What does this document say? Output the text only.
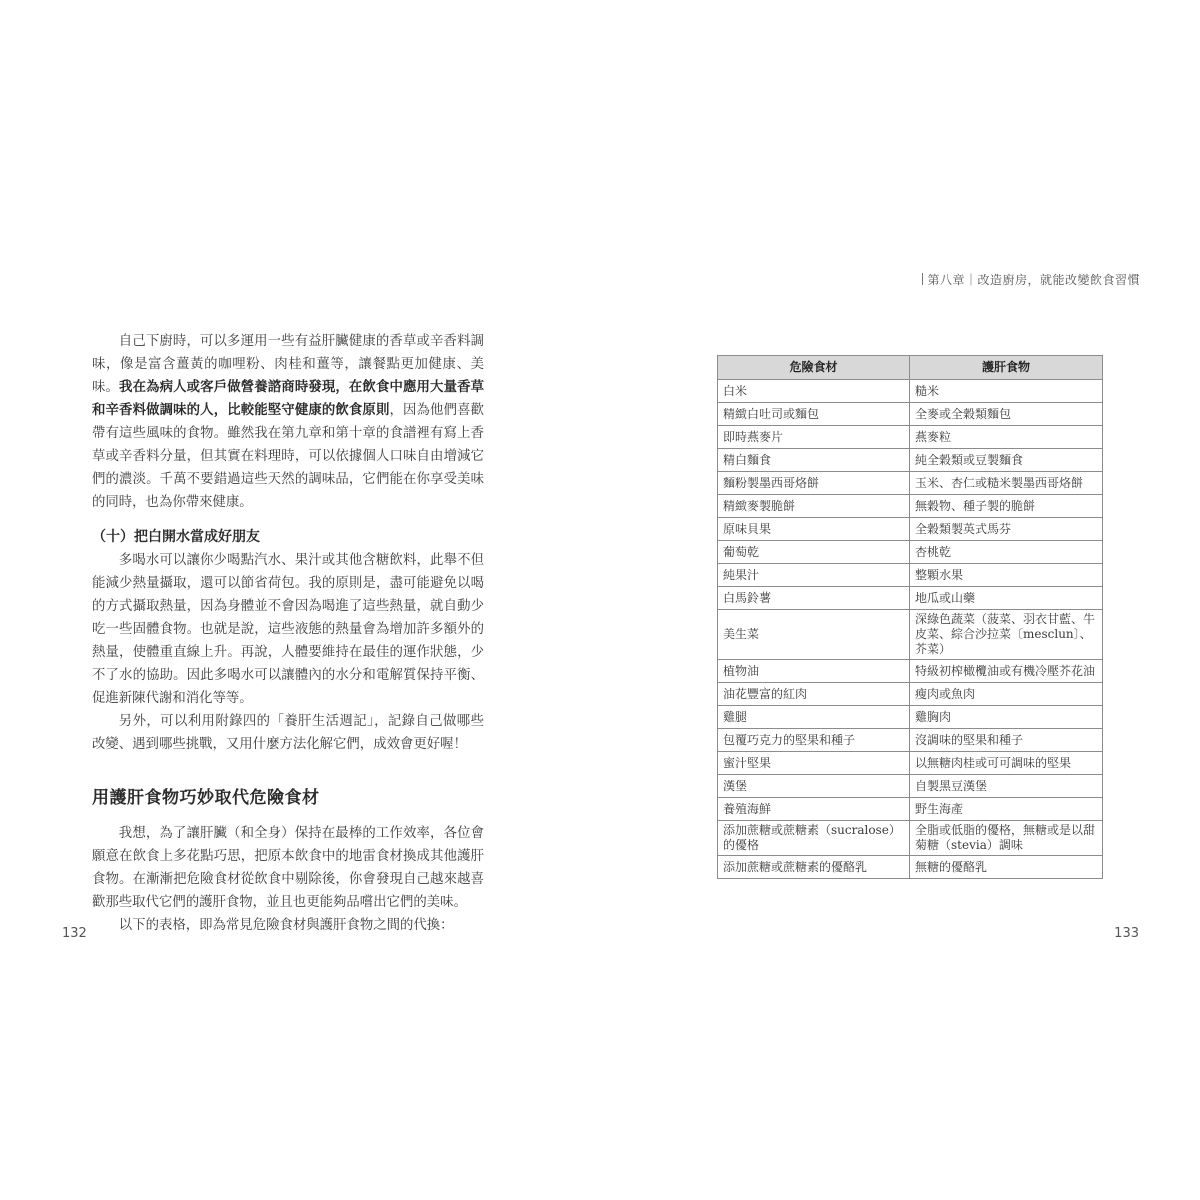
自己下廚時，可以多運用一些有益肝臟健康的香草或辛香料調味，像是富含薑黃的咖哩粉、肉桂和薑等，讓餐點更加健康、美味。我在為病人或客戶做營養諮商時發現，在飲食中應用大量香草和辛香料做調味的人，比較能堅守健康的飲食原則，因為他們喜歡帶有這些風味的食物。雖然我在第九章和第十章的食譜裡有寫上香草或辛香料分量，但其實在料理時，可以依據個人口味自由增減它們的濃淡。千萬不要錯過這些天然的調味品，它們能在你享受美味的同時，也為你帶來健康。

（十）把白開水當成好朋友

多喝水可以讓你少喝點汽水、果汁或其他含糖飲料，此舉不但能減少熱量攝取，還可以節省荷包。我的原則是，盡可能避免以喝的方式攝取熱量，因為身體並不會因為喝進了這些熱量，就自動少吃一些固體食物。也就是說，這些液態的熱量會為增加許多額外的熱量，使體重直線上升。再說，人體要維持在最佳的運作狀態，少不了水的協助。因此多喝水可以讓體內的水分和電解質保持平衡、促進新陳代謝和消化等等。

另外，可以利用附錄四的「養肝生活週記」，記錄自己做哪些改變、遇到哪些挑戰，又用什麼方法化解它們，成效會更好喔！

用護肝食物巧妙取代危險食材

我想，為了讓肝臟（和全身）保持在最棒的工作效率，各位會願意在飲食上多花點巧思，把原本飲食中的地雷食材換成其他護肝食物。在漸漸把危險食材從飲食中剔除後，你會發現自己越來越喜歡那些取代它們的護肝食物，並且也更能夠品嚐出它們的美味。

以下的表格，即為常見危險食材與護肝食物之間的代換：

132
第八章｜改造廚房，就能改變飲食習慣
危險食材	護肝食物
白米	糙米
精緻白吐司或麵包	全麥或全穀類麵包
即時燕麥片	燕麥粒
精白麵食	純全穀類或豆製麵食
麵粉製墨西哥烙餅	玉米、杏仁或糙米製墨西哥烙餅
精緻麥製脆餅	無穀物、種子製的脆餅
原味貝果	全穀類製英式馬芬
葡萄乾	杏桃乾
純果汁	整顆水果
白馬鈴薯	地瓜或山藥
美生菜	深綠色蔬菜（菠菜、羽衣甘藍、牛皮菜、綜合沙拉菜〔mesclun〕、芥菜）
植物油	特級初榨橄欖油或有機冷壓芥花油
油花豐富的紅肉	瘦肉或魚肉
雞腿	雞胸肉
包覆巧克力的堅果和種子	沒調味的堅果和種子
蜜汁堅果	以無糖肉桂或可可調味的堅果
漢堡	自製黑豆漢堡
養殖海鮮	野生海產
添加蔗糖或蔗糖素（sucralose）的優格	全脂或低脂的優格，無糖或是以甜菊糖（stevia）調味
添加蔗糖或蔗糖素的優酪乳	無糖的優酪乳
133
